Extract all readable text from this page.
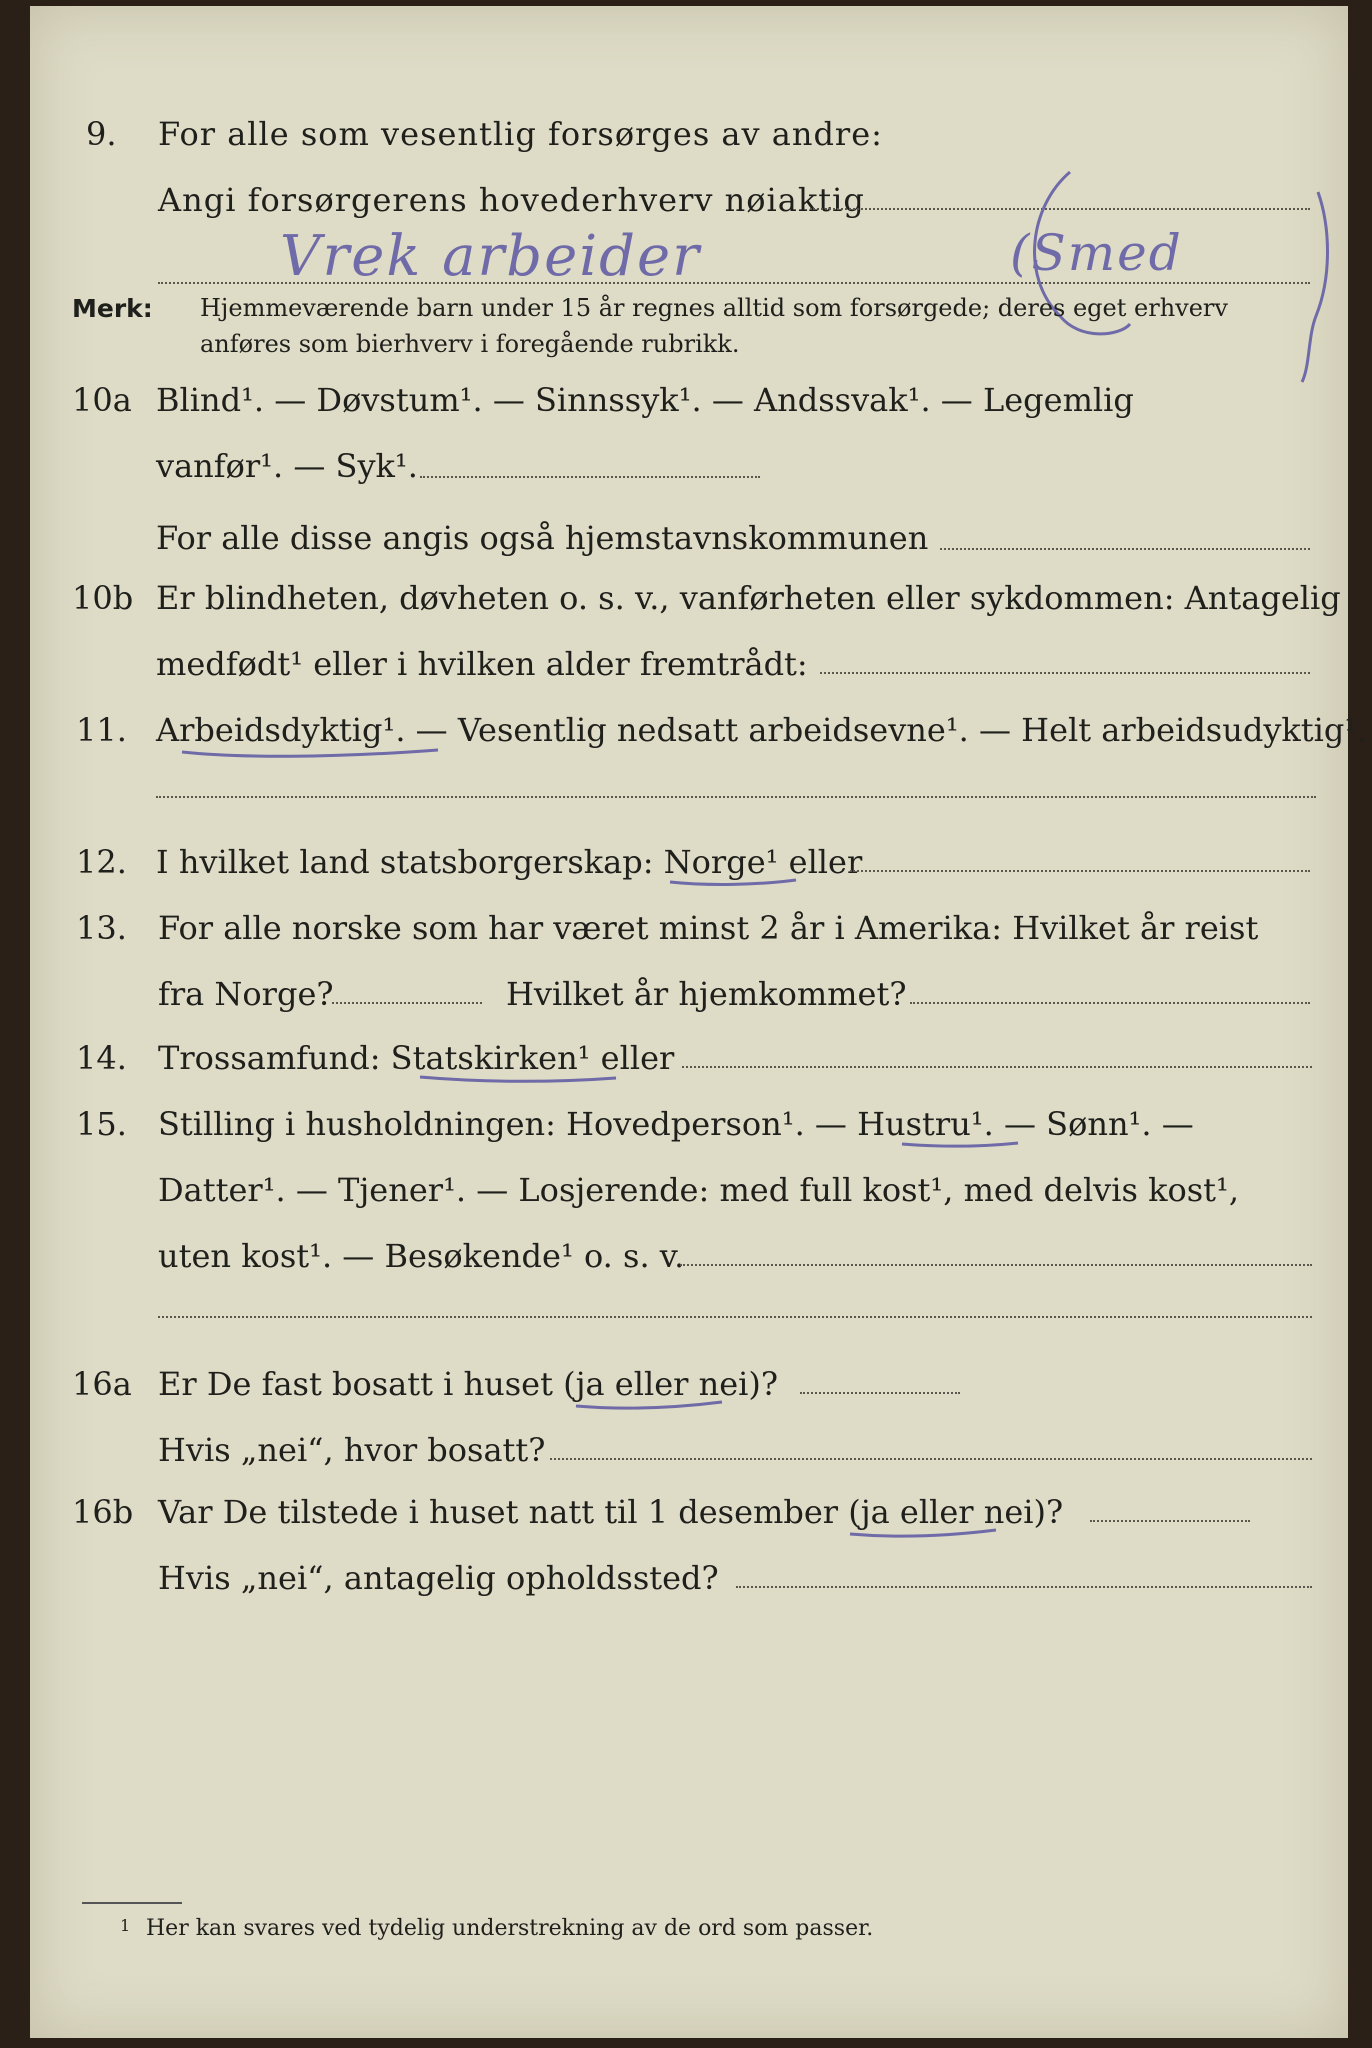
9. For alle som vesentlig forsørges av andre:
Angi forsørgerens hovederhverv nøiaktig
Vrek arbeider	(Smed
Merk: Hjemmeværende barn under 15 år regnes alltid som forsørgede; deres eget erhverv
anføres som bierhverv i foregående rubrikk.
10a Blind¹. — Døvstum¹. — Sinnssyk¹. — Andssvak¹. — Legemlig
vanfør¹. — Syk¹.
For alle disse angis også hjemstavnskommunen
10b Er blindheten, døvheten o. s. v., vanførheten eller sykdommen: Antagelig
medfødt¹ eller i hvilken alder fremtrådt:
11. Arbeidsdyktig¹. — Vesentlig nedsatt arbeidsevne¹. — Helt arbeidsudyktig¹.
12. I hvilket land statsborgerskap: Norge¹ eller
13. For alle norske som har været minst 2 år i Amerika: Hvilket år reist
fra Norge?	Hvilket år hjemkommet?
14. Trossamfund: Statskirken¹ eller
15. Stilling i husholdningen: Hovedperson¹. — Hustru¹. — Sønn¹. —
Datter¹. — Tjener¹. — Losjerende: med full kost¹, med delvis kost¹,
uten kost¹. — Besøkende¹ o. s. v.
16a Er De fast bosatt i huset (ja eller nei)?
Hvis „nei“, hvor bosatt?
16b Var De tilstede i huset natt til 1 desember (ja eller nei)?
Hvis „nei“, antagelig opholdssted?
1 Her kan svares ved tydelig understrekning av de ord som passer.
